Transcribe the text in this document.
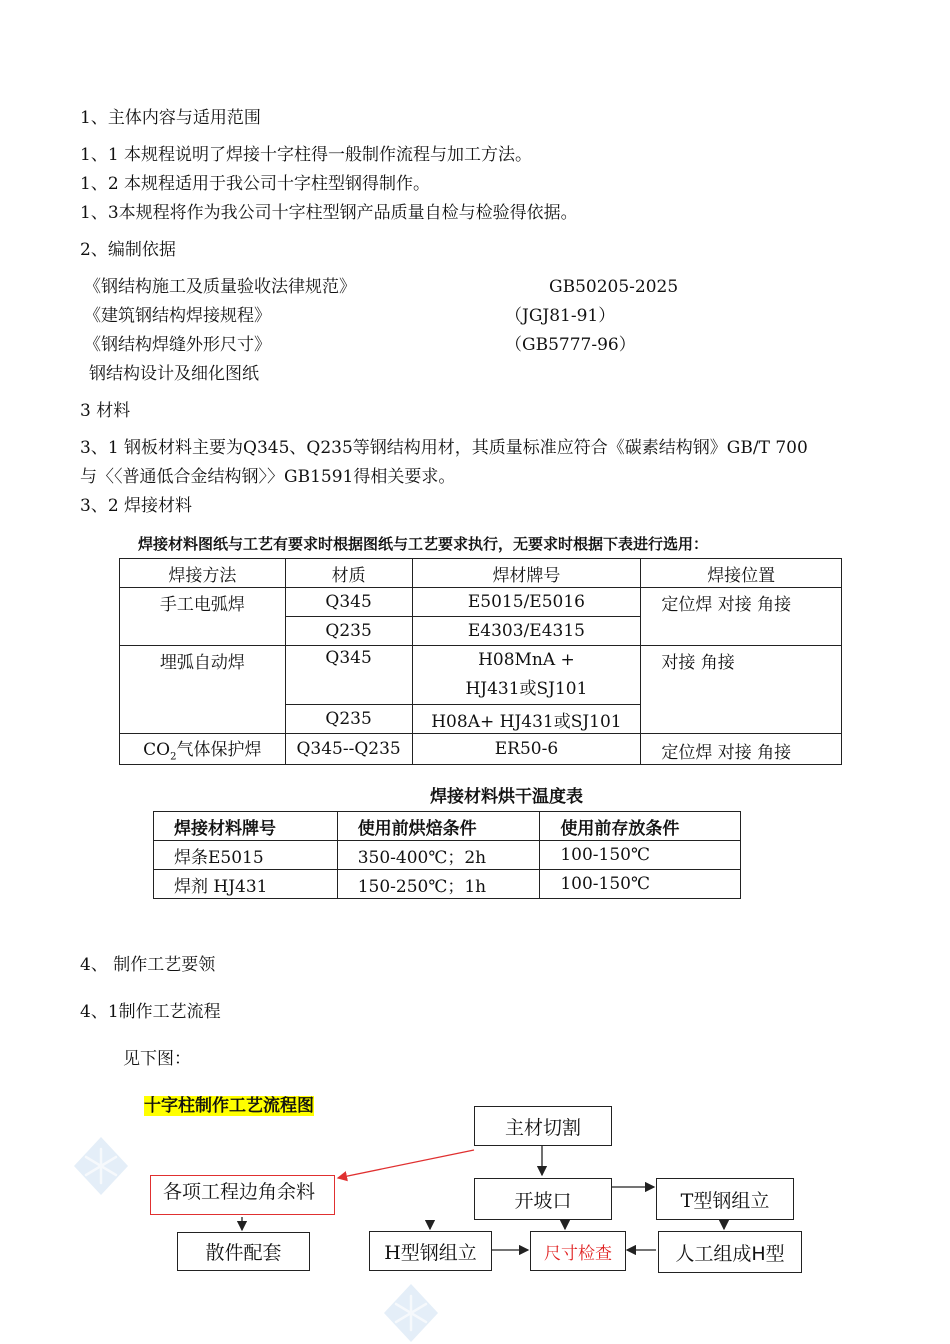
1、主体内容与适用范围
1、1 本规程说明了焊接十字柱得一般制作流程与加工方法。
1、2 本规程适用于我公司十字柱型钢得制作。
1、3本规程将作为我公司十字柱型钢产品质量自检与检验得依据。
2、编制依据
《钢结构施工及质量验收法律规范》	GB50205-2025
《建筑钢结构焊接规程》	（JGJ81-91）
《钢结构焊缝外形尺寸》	（GB5777-96）
钢结构设计及细化图纸
3 材料
3、1 钢板材料主要为Q345、Q235等钢结构用材，其质量标准应符合《碳素结构钢》GB/T 700
与〈〈普通低合金结构钢〉〉GB1591得相关要求。
3、2 焊接材料
焊接材料图纸与工艺有要求时根据图纸与工艺要求执行，无要求时根据下表进行选用：
焊接方法	材质	焊材牌号	焊接位置
手工电弧焊	Q345	E5015/E5016	定位焊 对接 角接
	Q235	E4303/E4315	
埋弧自动焊	Q345	H08MnA + HJ431或SJ101	对接 角接
	Q235	H08A+ HJ431或SJ101	
$CO_2$气体保护焊	Q345--Q235	ER50-6	定位焊 对接 角接
焊接材料烘干温度表
焊接材料牌号	使用前烘焙条件	使用前存放条件
焊条E5015	350-400℃；2h	100-150℃
焊剂 HJ431	150-250℃；1h	100-150℃
4、 制作工艺要领
4、1制作工艺流程
见下图：
十字柱制作工艺流程图
主材切割
各项工程边角余料	开坡口	T型钢组立
散件配套	H型钢组立	尺寸检查	人工组成H型
